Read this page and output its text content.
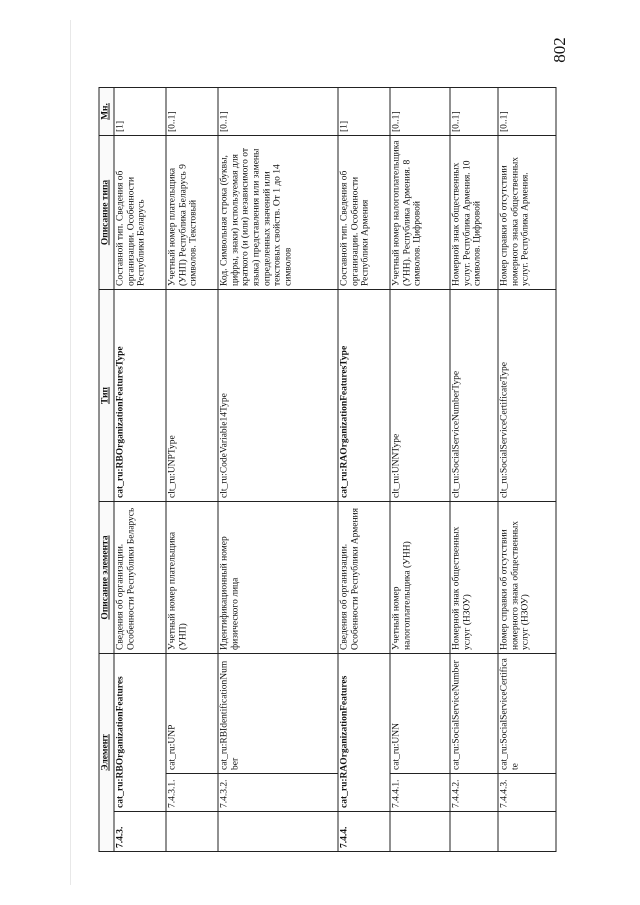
802
Элемент			Описание элемента	Тип	Описание типа	Мн.
7.4.3.	cat_ru:RBOrganizationFeatures		Сведения об организации. Особенности Республики Беларусь	cat_ru:RBOrganizationFeaturesType	Составной тип. Сведения об организации. Особенности Республики Беларусь	[1]
	7.4.3.1.	cat_ru:UNP	Учетный номер плательщика (УНП)	clt_ru:UNPType	Учетный номер плательщика (УНП) Республика Беларусь 9 символов. Текстовый	[0..1]
	7.4.3.2.	cat_ru:RBIdentificationNumber	Идентификационный номер физического лица	clt_ru:CodeVariable14Type	Код. Символьная строка (буквы, цифры, знаки) используемая для краткого (и (или) независимого от языка) представления или замены определенных значений или текстовых свойств. От 1 до 14 символов	[0..1]
7.4.4.	cat_ru:RAOrganizationFeatures		Сведения об организации. Особенности Республики Армения	cat_ru:RAOrganizationFeaturesType	Составной тип. Сведения об организации. Особенности Республики Армения	[1]
	7.4.4.1.	cat_ru:UNN	Учетный номер налогоплательщика (УНН)	clt_ru:UNNType	Учетный номер налогоплательщика (УНН). Республика Армения. 8 символов. Цифровой	[0..1]
	7.4.4.2.	cat_ru:SocialServiceNumber	Номерной знак общественных услуг (НЗОУ)	clt_ru:SocialServiceNumberType	Номерной знак общественных услуг. Республика Армения. 10 символов. Цифровой	[0..1]
	7.4.4.3.	cat_ru:SocialServiceCertificate	Номер справки об отсутствии номерного знака общественных услуг (НЗОУ)	clt_ru:SocialServiceCertificateType	Номер справки об отсутствии номерного знака общественных услуг. Республика Армения.	[0..1]
